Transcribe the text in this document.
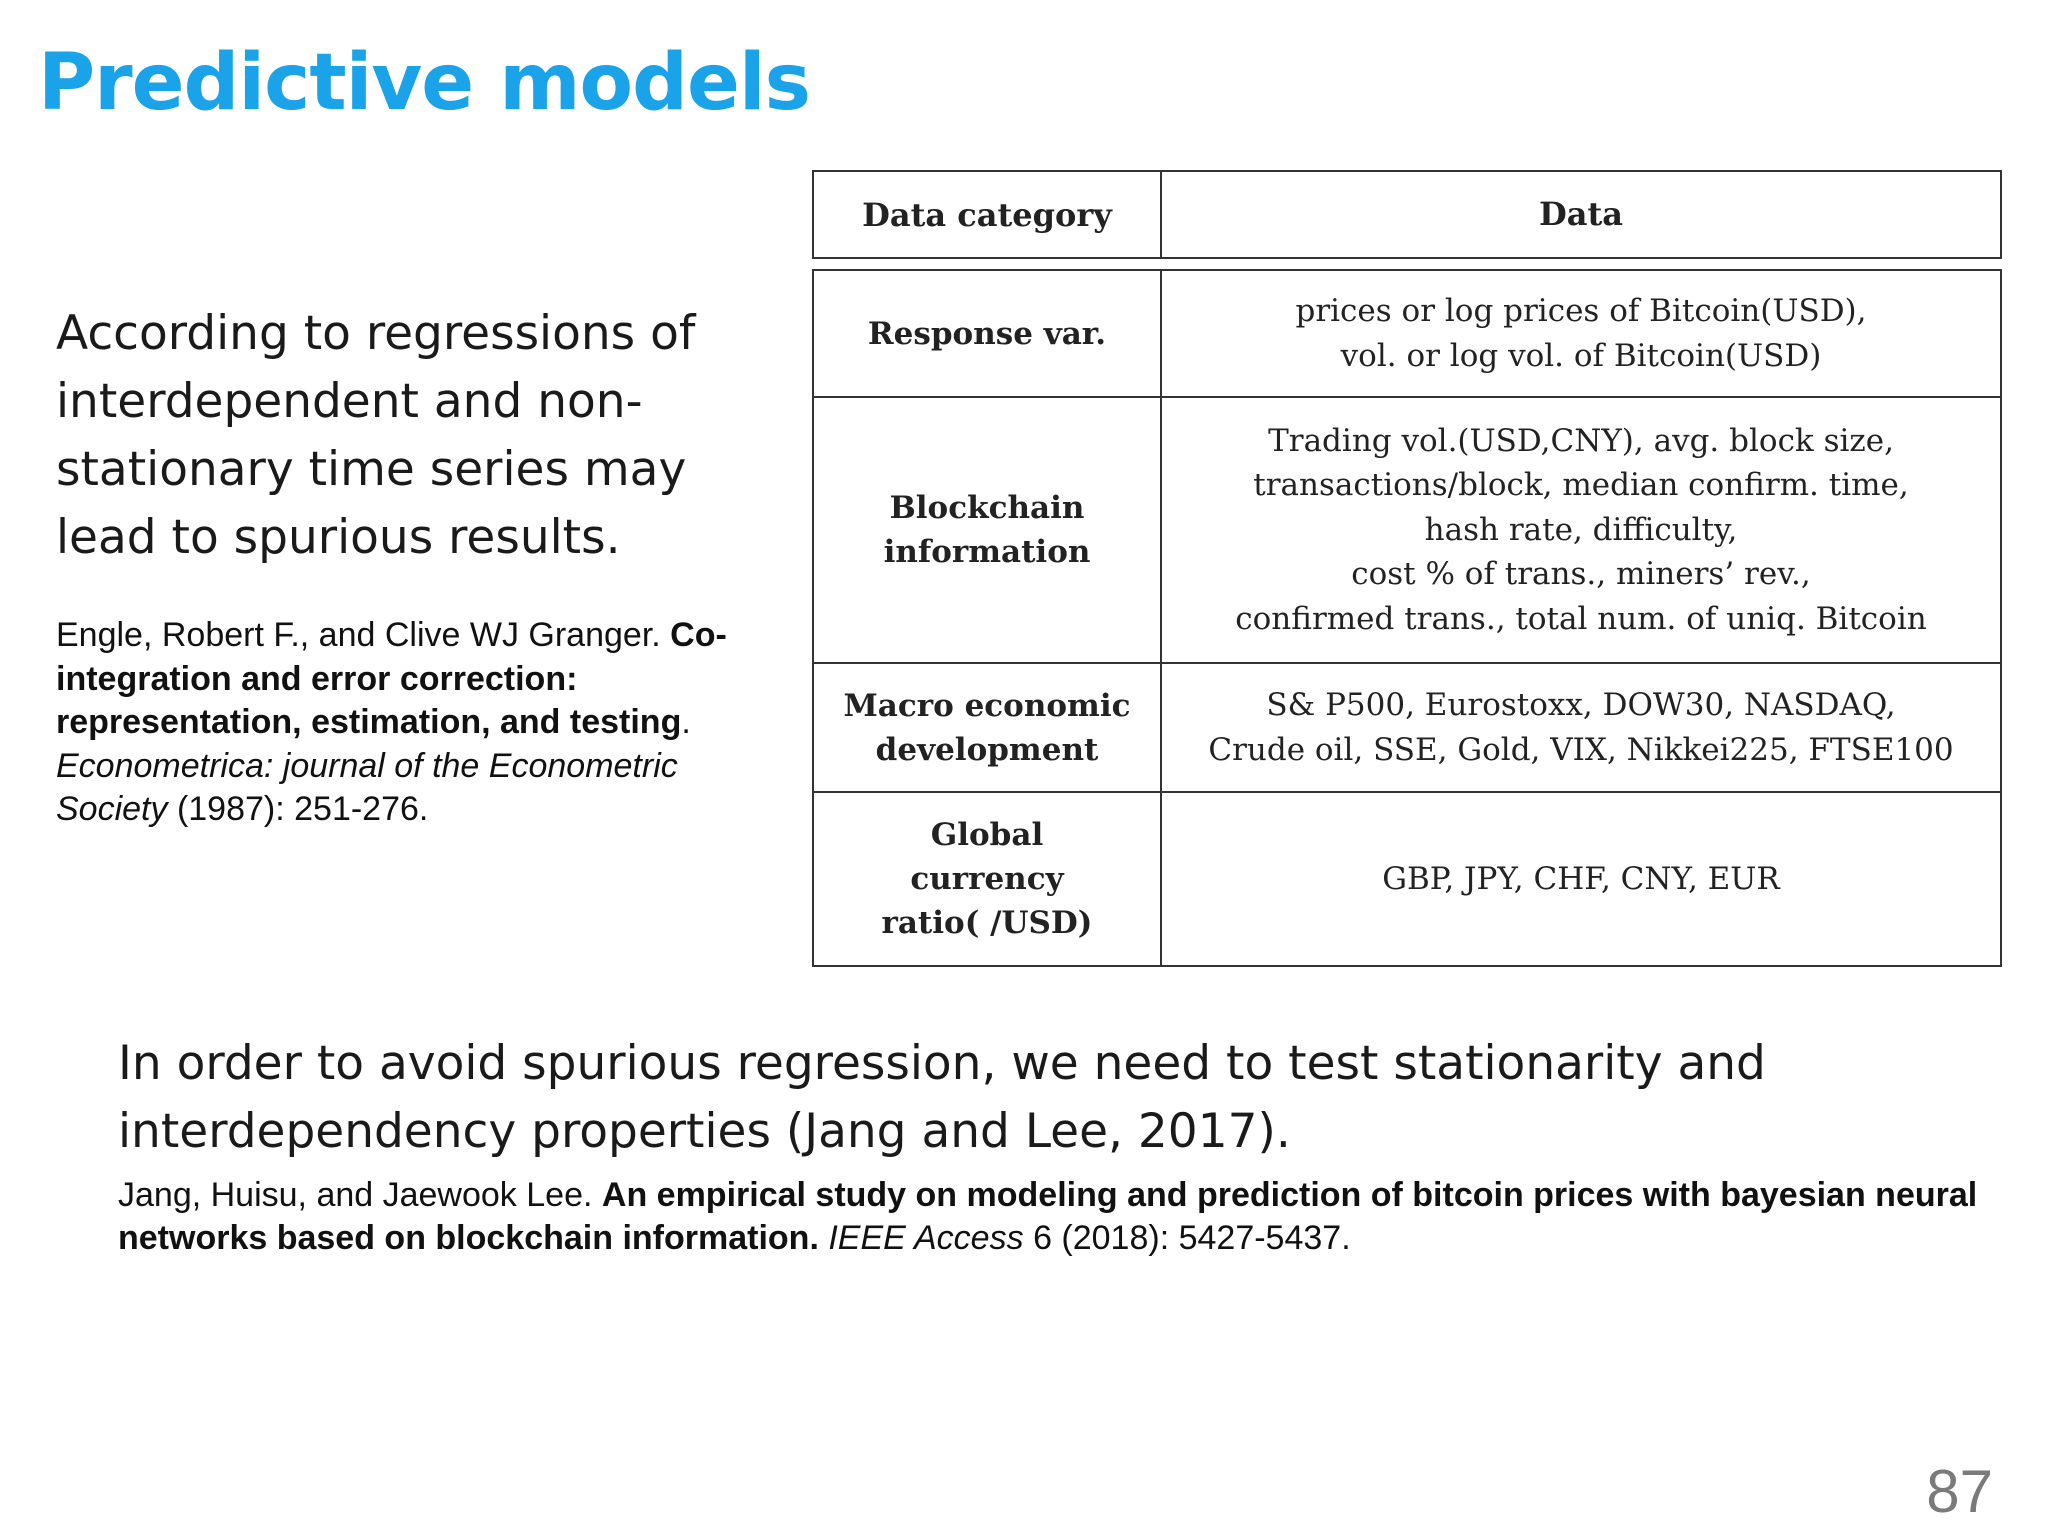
Predictive models

According to regressions of interdependent and non-stationary time series may lead to spurious results.

Engle, Robert F., and Clive WJ Granger. Co-integration and error correction: representation, estimation, and testing. Econometrica: journal of the Econometric Society (1987): 251-276.

Data category	Data
Response var.
prices or log prices of Bitcoin(USD),
vol. or log vol. of Bitcoin(USD)
Blockchain
information
Trading vol.(USD,CNY), avg. block size,
transactions/block, median confirm. time,
hash rate, difficulty,
cost % of trans., miners’ rev.,
confirmed trans., total num. of uniq. Bitcoin
Macro economic
development
S& P500, Eurostoxx, DOW30, NASDAQ,
Crude oil, SSE, Gold, VIX, Nikkei225, FTSE100
Global
currency
ratio( /USD)
GBP, JPY, CHF, CNY, EUR

In order to avoid spurious regression, we need to test stationarity and interdependency properties (Jang and Lee, 2017).

Jang, Huisu, and Jaewook Lee. An empirical study on modeling and prediction of bitcoin prices with bayesian neural networks based on blockchain information. IEEE Access 6 (2018): 5427-5437.

87
